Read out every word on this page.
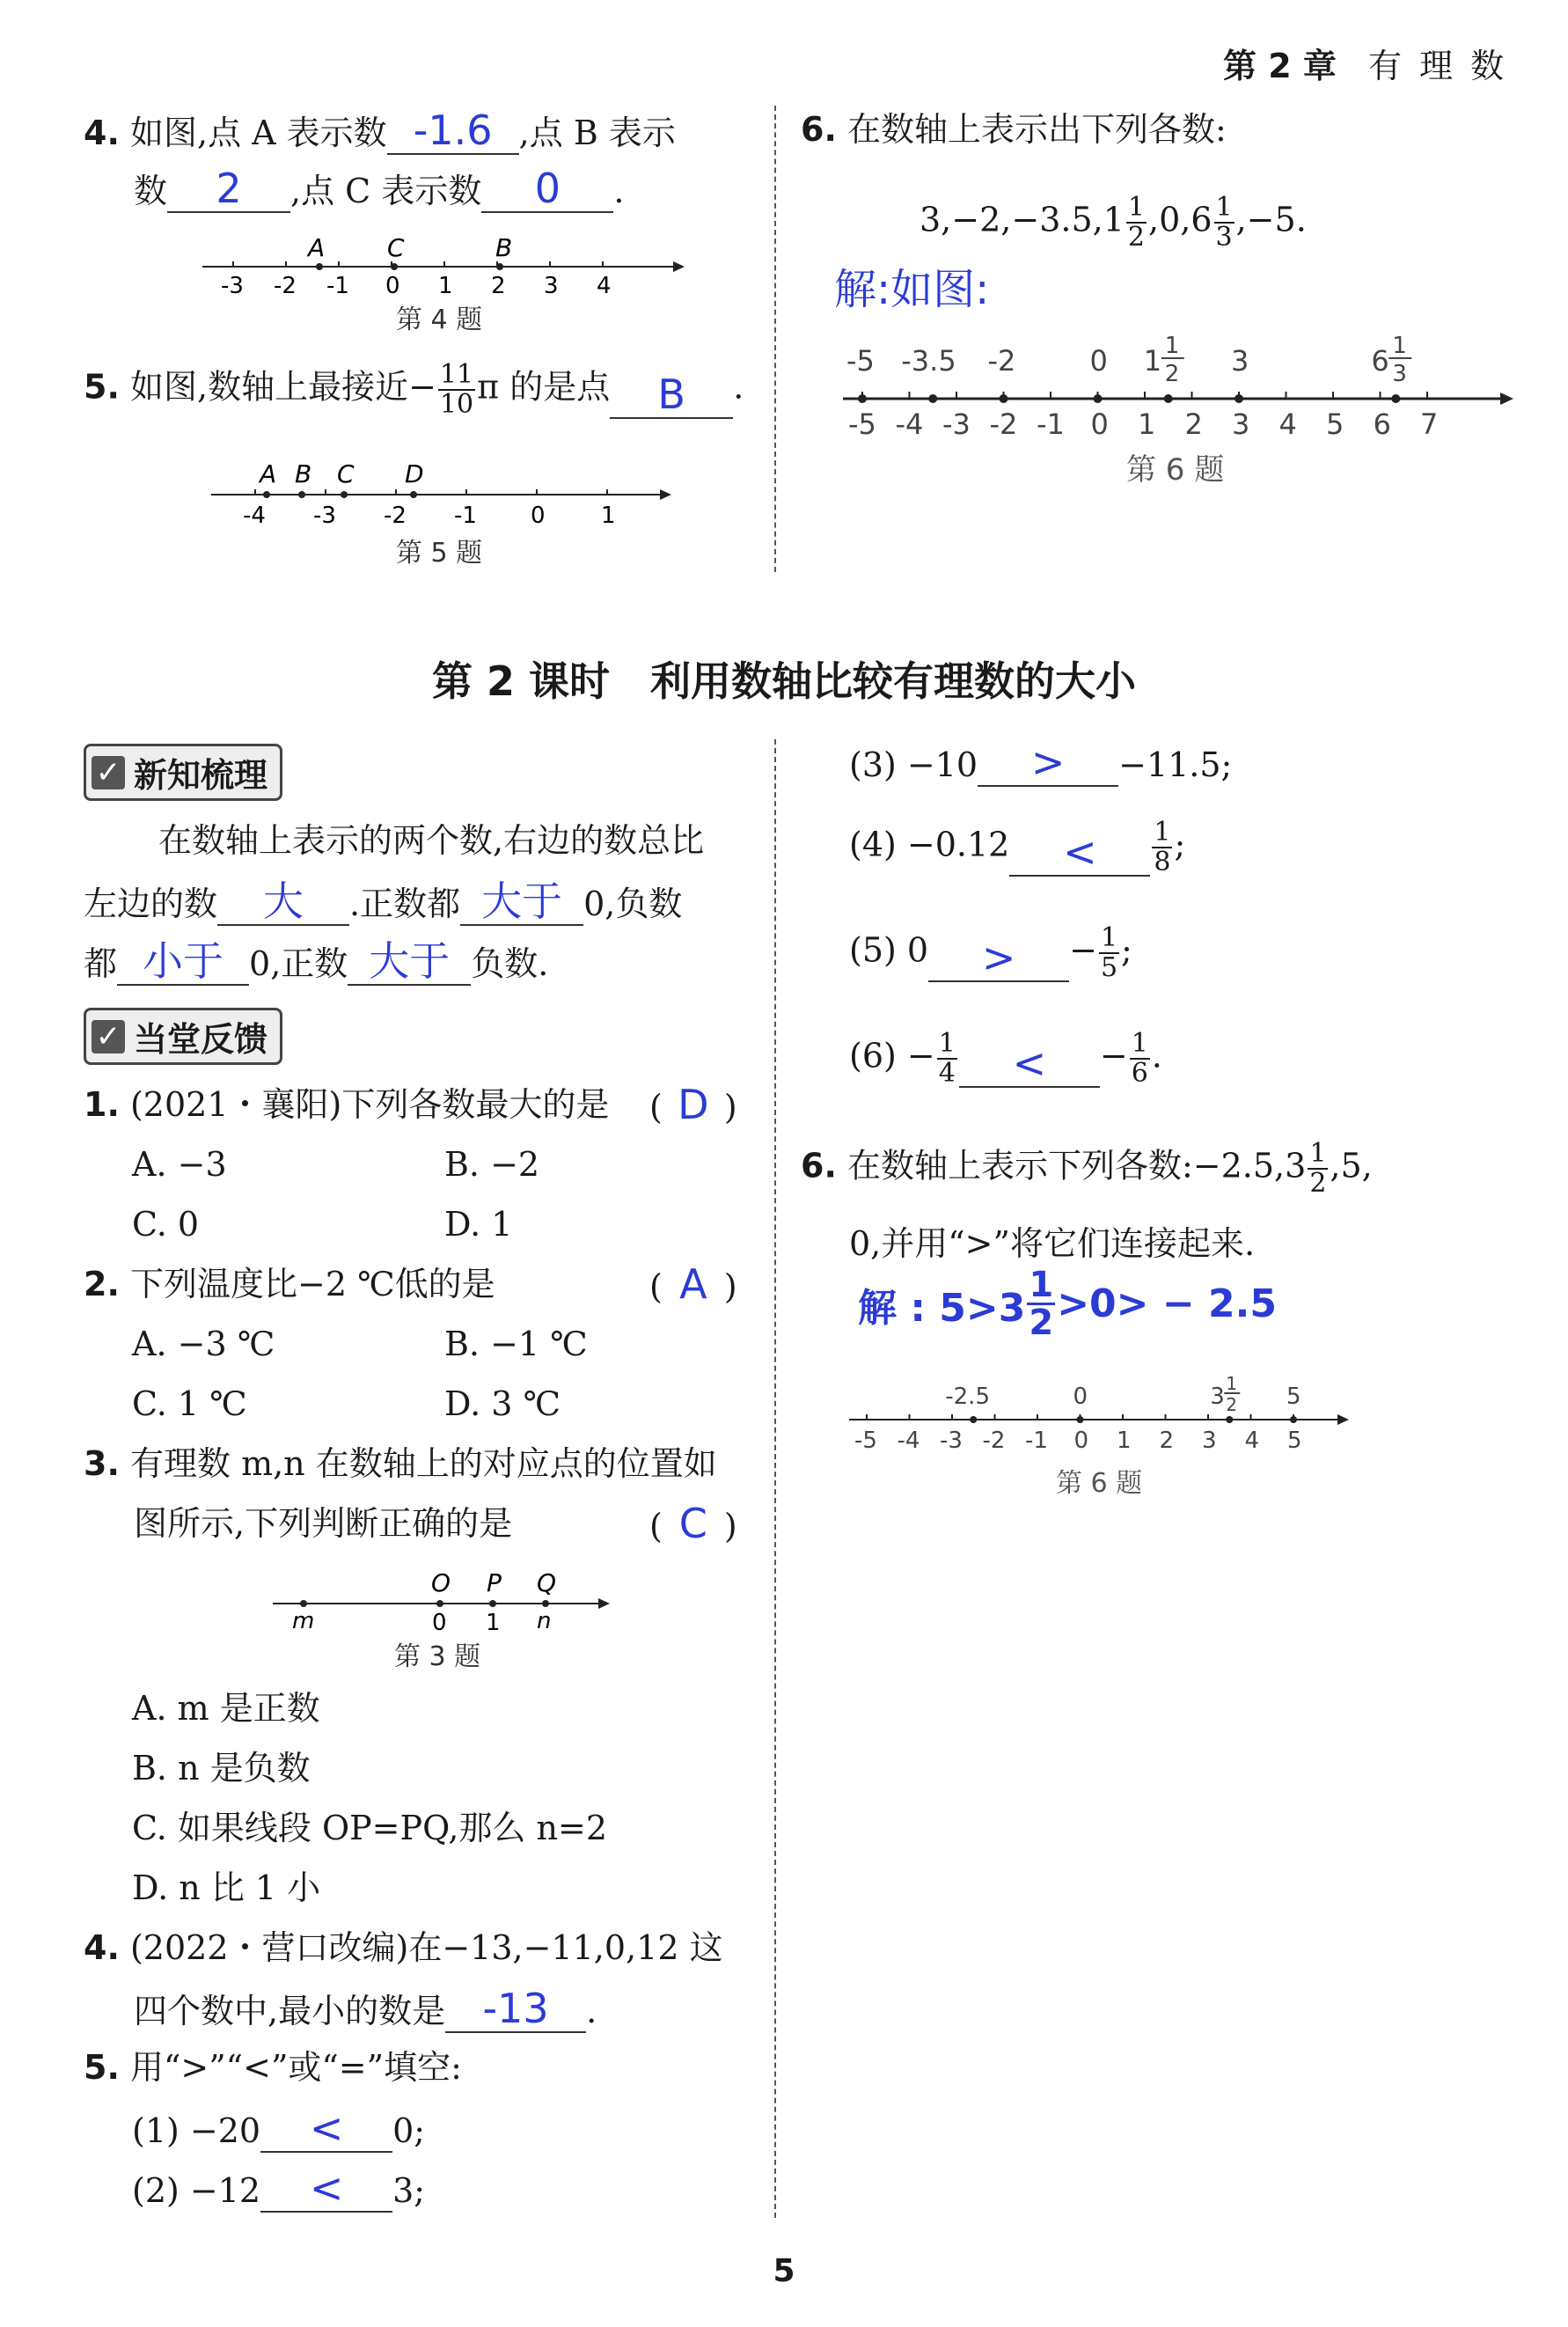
第 2 章 有 理 数
4. 如图,点 A 表示数 -1.6 ,点 B 表示
数 2 ,点 C 表示数 0 .
-3 -2 -1 0 1 2 3 4
A	C	B
第 4 题
5. 如图,数轴上最接近− $\frac{11}{10}$ π 的是点 B .
-4 -3 -2 -1 0 1
A B C D
第 5 题
6. 在数轴上表示出下列各数:
$3,-2,-3.5,1 \frac{1}{2} ,0,6 \frac{1}{3} ,-5$.
解:如图:
-5 -4 -3 -2 -1 0 1 2 3 4 5 6 7
-5 -3.5 -2	0 1 1
2 3	6 1
3
第 6 题
第 2 课时　利用数轴比较有理数的大小
✓ 新知梳理
在数轴上表示的两个数,右边的数总比
左边的数 大 .正数都 大于 0,负数
都 小于 0,正数 大于 负数.
✓ 当堂反馈
1. (2021・襄阳)下列各数最大的是 ( D )
A. −3	B. −2
C. 0	D. 1
2. 下列温度比−2 ℃低的是	( A )
A. −3 ℃	B. −1 ℃
C. 1 ℃	D. 3 ℃
3. 有理数 m,n 在数轴上的对应点的位置如
图所示,下列判断正确的是	( C )
O P Q
m	0 1 n
第 3 题
A. m 是正数
B. n 是负数
C. 如果线段 OP=PQ,那么 n=2
D. n 比 1 小
4. (2022・营口改编)在−13,−11,0,12 这
四个数中,最小的数是 -13 .
5. 用“>”“<”或“=”填空:
(1) −20 < 0;
(2) −12 < 3;
(3) −10 > −11.5;
$(4) -0.12 < \frac{1}{8}$ ;
(5) 0 > − $\frac{1}{5}$ ;
$(6) - \frac{1}{4}$ < − $\frac{1}{6}$ .
6. 在数轴上表示下列各数:−2.5,3 $\frac{1}{2} ,5$,
0,并用“>”将它们连接起来.
解 : 5>3
1
2 >0> − 2.5
-5 -4 -3 -2 -1 0 1 2 3 4 5
-2.5	0	3 1
2 5
第 6 题
5
